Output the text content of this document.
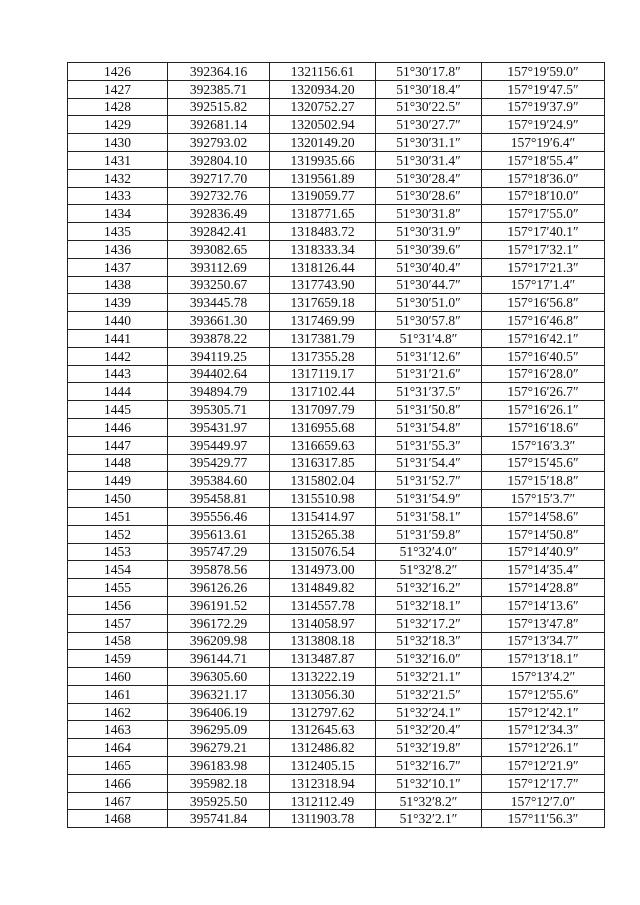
1426	392364.16	1321156.61	51°30′17.8″	157°19′59.0″
1427	392385.71	1320934.20	51°30′18.4″	157°19′47.5″
1428	392515.82	1320752.27	51°30′22.5″	157°19′37.9″
1429	392681.14	1320502.94	51°30′27.7″	157°19′24.9″
1430	392793.02	1320149.20	51°30′31.1″	157°19′6.4″
1431	392804.10	1319935.66	51°30′31.4″	157°18′55.4″
1432	392717.70	1319561.89	51°30′28.4″	157°18′36.0″
1433	392732.76	1319059.77	51°30′28.6″	157°18′10.0″
1434	392836.49	1318771.65	51°30′31.8″	157°17′55.0″
1435	392842.41	1318483.72	51°30′31.9″	157°17′40.1″
1436	393082.65	1318333.34	51°30′39.6″	157°17′32.1″
1437	393112.69	1318126.44	51°30′40.4″	157°17′21.3″
1438	393250.67	1317743.90	51°30′44.7″	157°17′1.4″
1439	393445.78	1317659.18	51°30′51.0″	157°16′56.8″
1440	393661.30	1317469.99	51°30′57.8″	157°16′46.8″
1441	393878.22	1317381.79	51°31′4.8″	157°16′42.1″
1442	394119.25	1317355.28	51°31′12.6″	157°16′40.5″
1443	394402.64	1317119.17	51°31′21.6″	157°16′28.0″
1444	394894.79	1317102.44	51°31′37.5″	157°16′26.7″
1445	395305.71	1317097.79	51°31′50.8″	157°16′26.1″
1446	395431.97	1316955.68	51°31′54.8″	157°16′18.6″
1447	395449.97	1316659.63	51°31′55.3″	157°16′3.3″
1448	395429.77	1316317.85	51°31′54.4″	157°15′45.6″
1449	395384.60	1315802.04	51°31′52.7″	157°15′18.8″
1450	395458.81	1315510.98	51°31′54.9″	157°15′3.7″
1451	395556.46	1315414.97	51°31′58.1″	157°14′58.6″
1452	395613.61	1315265.38	51°31′59.8″	157°14′50.8″
1453	395747.29	1315076.54	51°32′4.0″	157°14′40.9″
1454	395878.56	1314973.00	51°32′8.2″	157°14′35.4″
1455	396126.26	1314849.82	51°32′16.2″	157°14′28.8″
1456	396191.52	1314557.78	51°32′18.1″	157°14′13.6″
1457	396172.29	1314058.97	51°32′17.2″	157°13′47.8″
1458	396209.98	1313808.18	51°32′18.3″	157°13′34.7″
1459	396144.71	1313487.87	51°32′16.0″	157°13′18.1″
1460	396305.60	1313222.19	51°32′21.1″	157°13′4.2″
1461	396321.17	1313056.30	51°32′21.5″	157°12′55.6″
1462	396406.19	1312797.62	51°32′24.1″	157°12′42.1″
1463	396295.09	1312645.63	51°32′20.4″	157°12′34.3″
1464	396279.21	1312486.82	51°32′19.8″	157°12′26.1″
1465	396183.98	1312405.15	51°32′16.7″	157°12′21.9″
1466	395982.18	1312318.94	51°32′10.1″	157°12′17.7″
1467	395925.50	1312112.49	51°32′8.2″	157°12′7.0″
1468	395741.84	1311903.78	51°32′2.1″	157°11′56.3″
